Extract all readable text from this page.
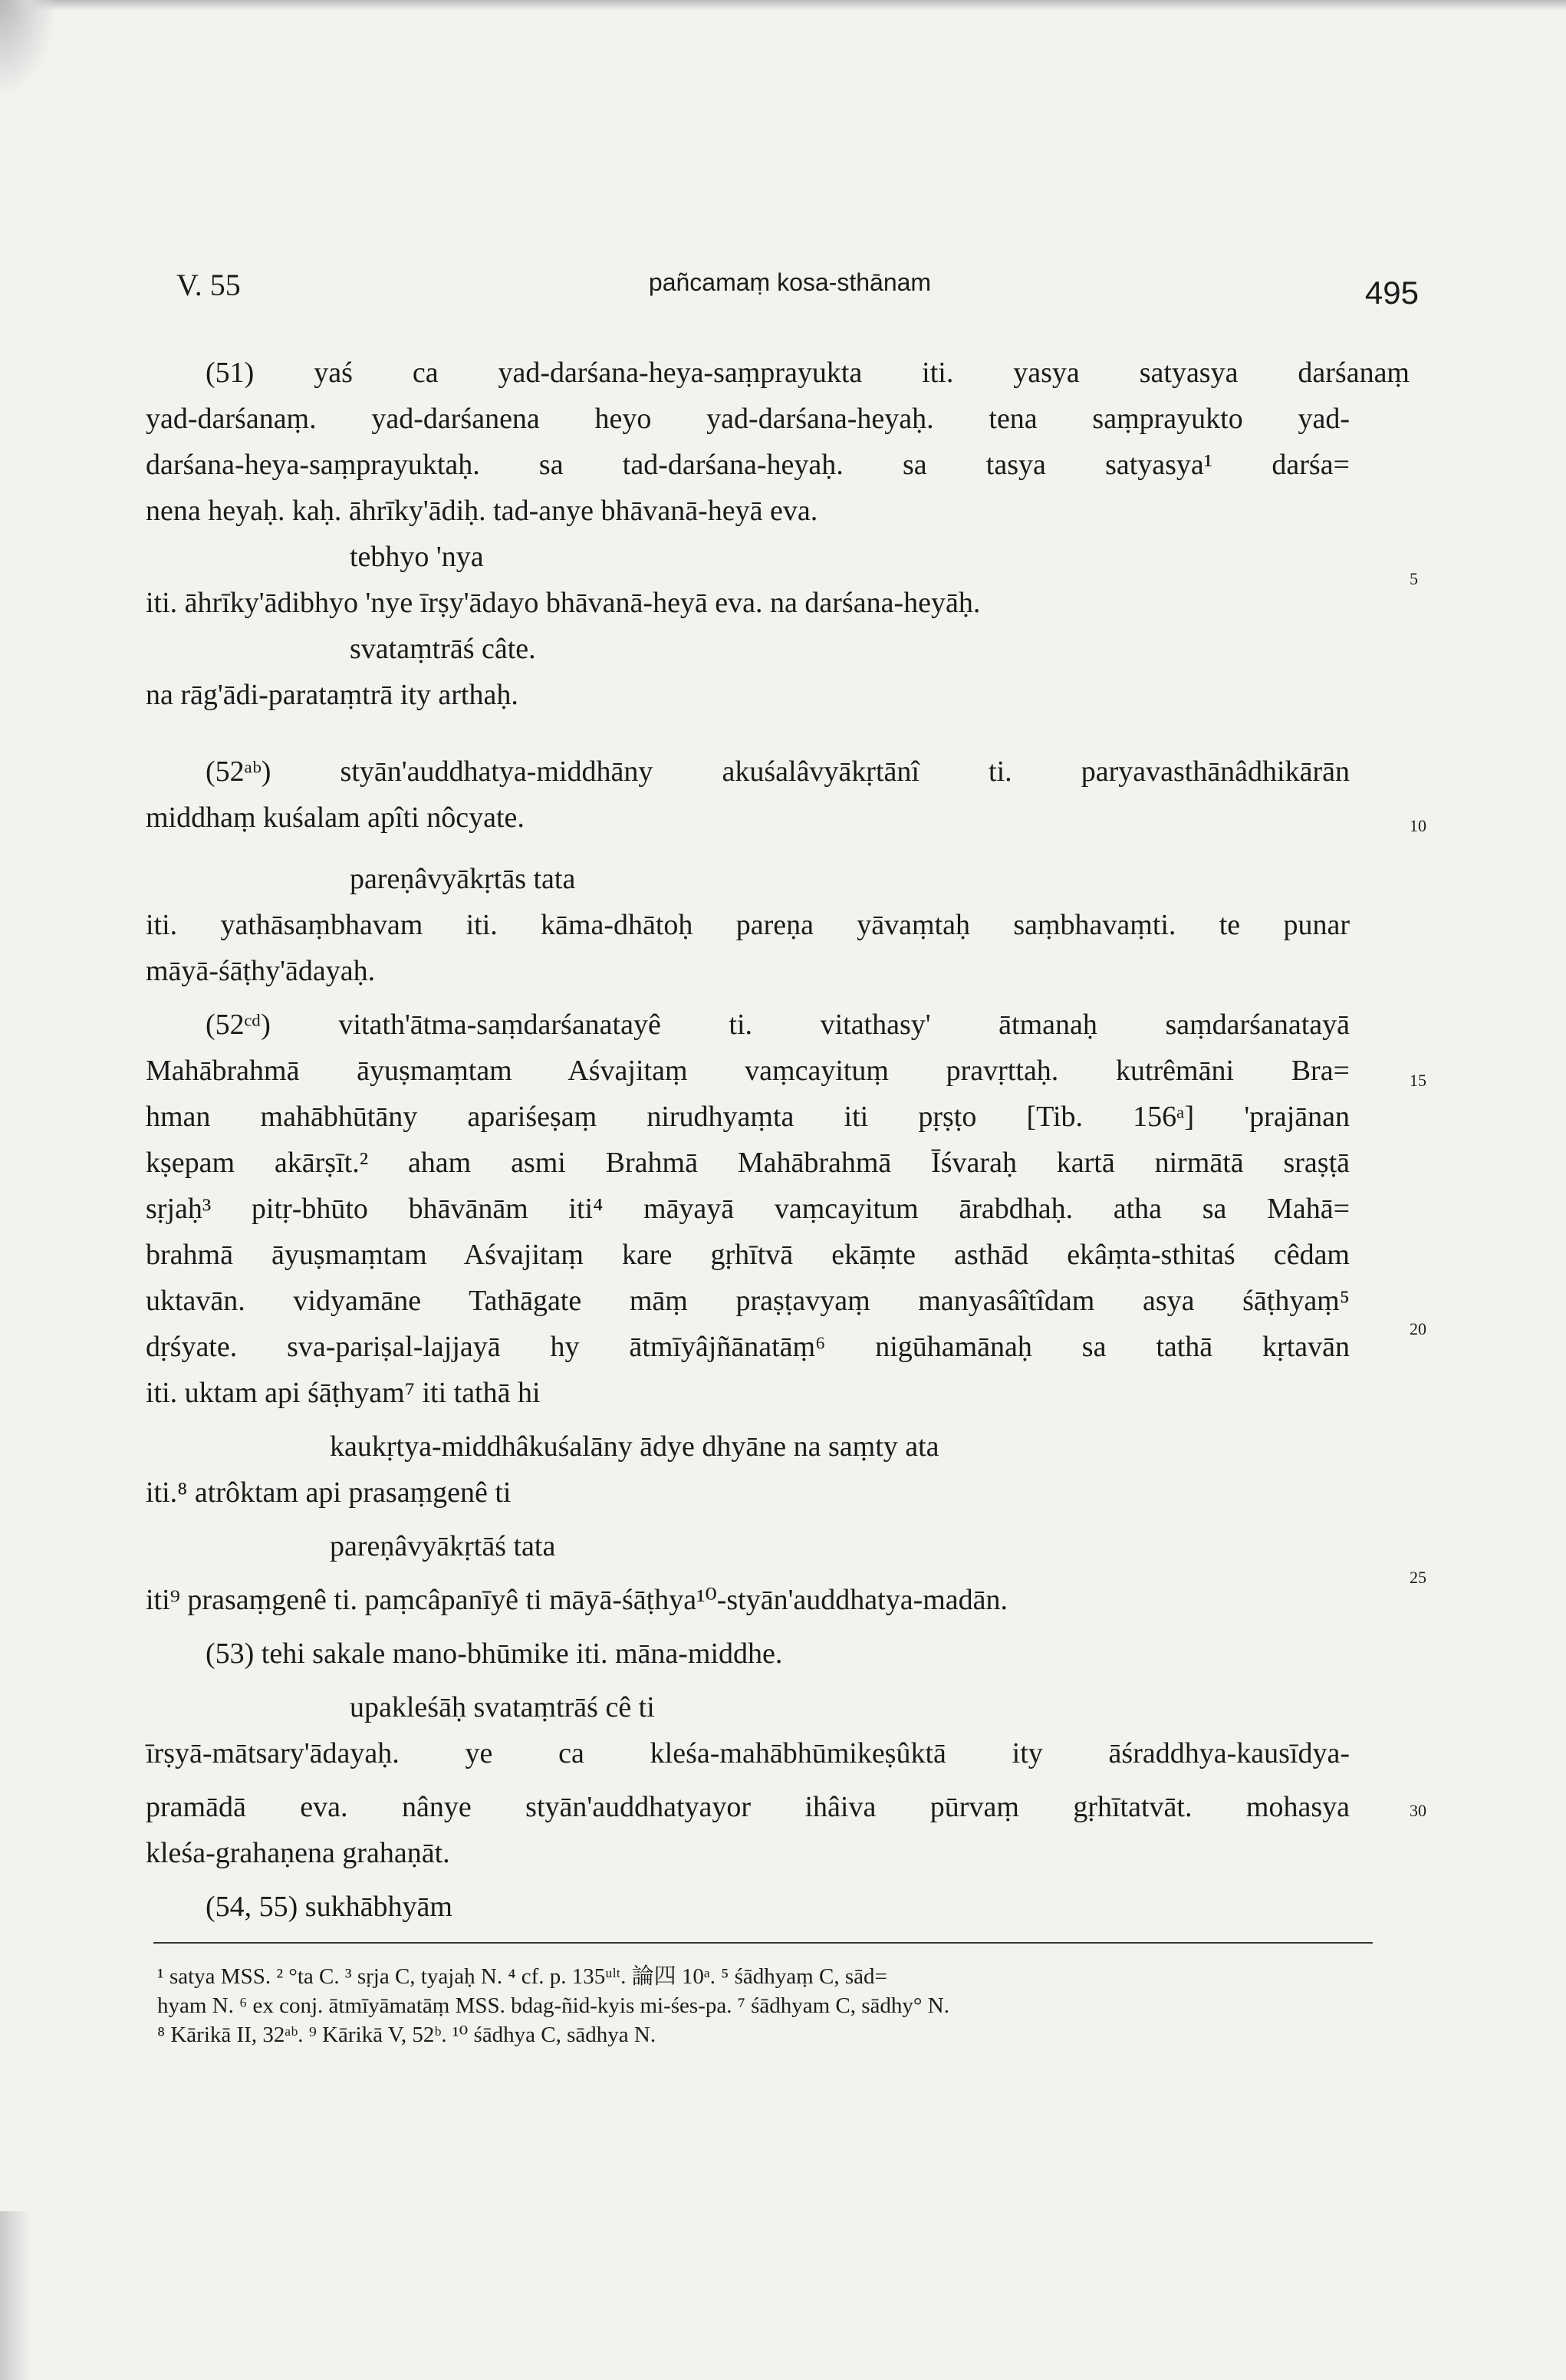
V. 55	pañcamaṃ kosa-sthānam	495
(51) yaś ca yad-darśana-heya-saṃprayukta iti. yasya satyasya darśanaṃ
yad-darśanaṃ. yad-darśanena heyo yad-darśana-heyaḥ. tena saṃprayukto yad-
darśana-heya-saṃprayuktaḥ. sa tad-darśana-heyaḥ. sa tasya satyasya¹ darśa=
nena heyaḥ. kaḥ. āhrīky'ādiḥ. tad-anye bhāvanā-heyā eva.
tebhyo 'nya
iti. āhrīky'ādibhyo 'nye īrṣy'ādayo bhāvanā-heyā eva. na darśana-heyāḥ.
svataṃtrāś câte.
na rāg'ādi-parataṃtrā ity arthaḥ.
(52ᵃᵇ) styān'auddhatya-middhāny akuśalâvyākṛtānî ti. paryavasthānâdhikārān
middhaṃ kuśalam apîti nôcyate.
pareṇâvyākṛtās tata
iti. yathāsaṃbhavam iti. kāma-dhātoḥ pareṇa yāvaṃtaḥ saṃbhavaṃti. te punar
māyā-śāṭhy'ādayaḥ.
(52ᶜᵈ) vitath'ātma-saṃdarśanatayê ti. vitathasy' ātmanaḥ saṃdarśanatayā
Mahābrahmā āyuṣmaṃtam Aśvajitaṃ vaṃcayituṃ pravṛttaḥ. kutrêmāni Bra=
hman mahābhūtāny apariśeṣaṃ nirudhyaṃta iti pṛṣṭo [Tib. 156ᵃ] 'prajānan
kṣepam akārṣīt.² aham asmi Brahmā Mahābrahmā Īśvaraḥ kartā nirmātā sraṣṭā
sṛjaḥ³ pitṛ-bhūto bhāvānām iti⁴ māyayā vaṃcayitum ārabdhaḥ. atha sa Mahā=
brahmā āyuṣmaṃtam Aśvajitaṃ kare gṛhītvā ekāṃte asthād ekâṃta-sthitaś cêdam
uktavān. vidyamāne Tathāgate māṃ praṣṭavyaṃ manyasâîtîdam asya śāṭhyaṃ⁵
dṛśyate. sva-pariṣal-lajjayā hy ātmīyâjñānatāṃ⁶ nigūhamānaḥ sa tathā kṛtavān
iti. uktam api śāṭhyam⁷ iti tathā hi
kaukṛtya-middhâkuśalāny ādye dhyāne na saṃty ata
iti.⁸ atrôktam api prasaṃgenê ti
pareṇâvyākṛtāś tata
iti⁹ prasaṃgenê ti. paṃcâpanīyê ti māyā-śāṭhya¹⁰-styān'auddhatya-madān.
(53) tehi sakale mano-bhūmike iti. māna-middhe.
upakleśāḥ svataṃtrāś cê ti
īrṣyā-mātsary'ādayaḥ. ye ca kleśa-mahābhūmikeṣûktā ity āśraddhya-kausīdya-
pramādā eva. nânye styān'auddhatyayor ihâiva pūrvaṃ gṛhītatvāt. mohasya
kleśa-grahaṇena grahaṇāt.
(54, 55) sukhābhyām
5
10
15
20
25
30
¹ satya MSS. ² °ta C. ³ sṛja C, tyajaḥ N. ⁴ cf. p. 135ᵘˡᵗ. 論四 10ᵃ. ⁵ śādhyaṃ C, sād=
hyam N. ⁶ ex conj. ātmīyāmatāṃ MSS. bdag-ñid-kyis mi-śes-pa. ⁷ śādhyam C, sādhy° N.
⁸ Kārikā II, 32ᵃᵇ. ⁹ Kārikā V, 52ᵇ. ¹⁰ śādhya C, sādhya N.
